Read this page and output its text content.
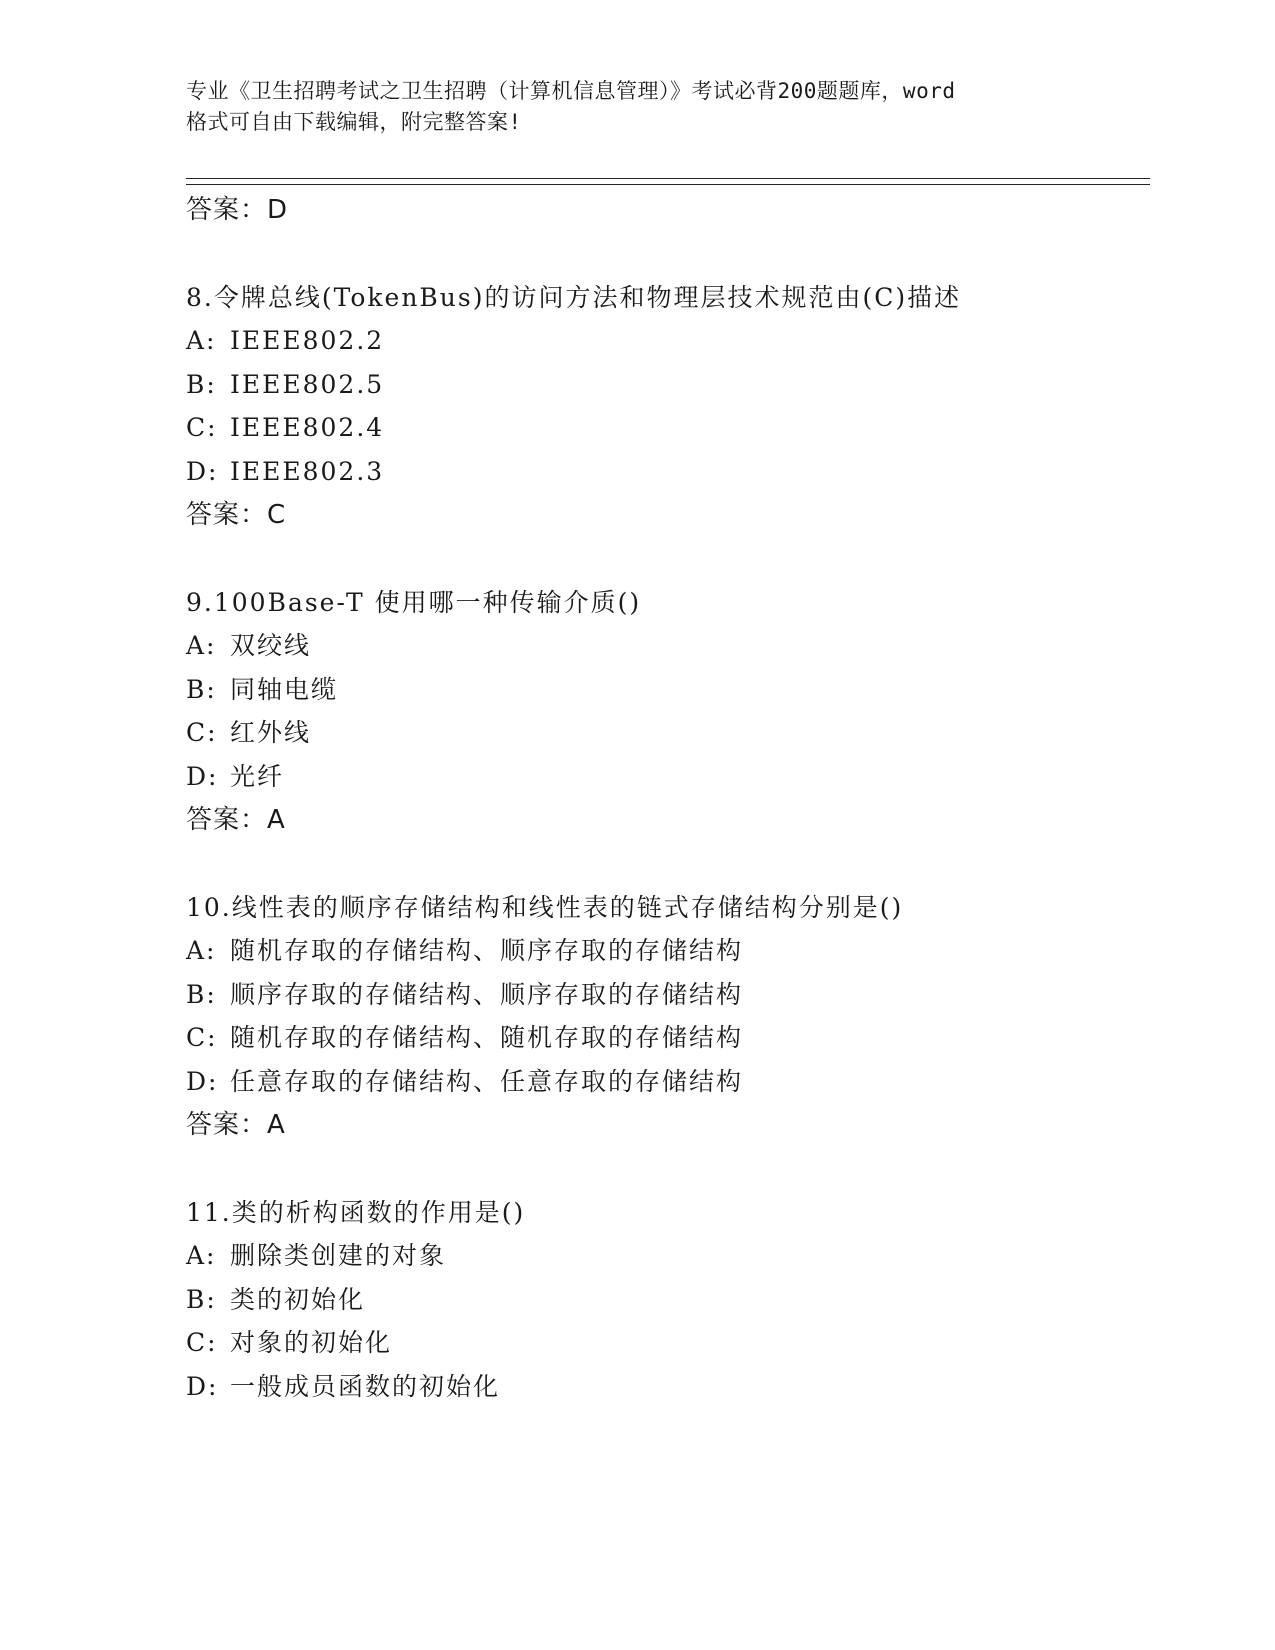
专业《卫生招聘考试之卫生招聘（计算机信息管理）》考试必背200题题库，word
格式可自由下载编辑，附完整答案!
答案：D
8.令牌总线(TokenBus)的访问方法和物理层技术规范由(C)描述
A: IEEE802.2
B: IEEE802.5
C: IEEE802.4
D: IEEE802.3
答案：C
9.100Base-T 使用哪一种传输介质()
A: 双绞线
B: 同轴电缆
C: 红外线
D: 光纤
答案：A
10.线性表的顺序存储结构和线性表的链式存储结构分别是()
A: 随机存取的存储结构、顺序存取的存储结构
B: 顺序存取的存储结构、顺序存取的存储结构
C: 随机存取的存储结构、随机存取的存储结构
D: 任意存取的存储结构、任意存取的存储结构
答案：A
11.类的析构函数的作用是()
A: 删除类创建的对象
B: 类的初始化
C: 对象的初始化
D: 一般成员函数的初始化
